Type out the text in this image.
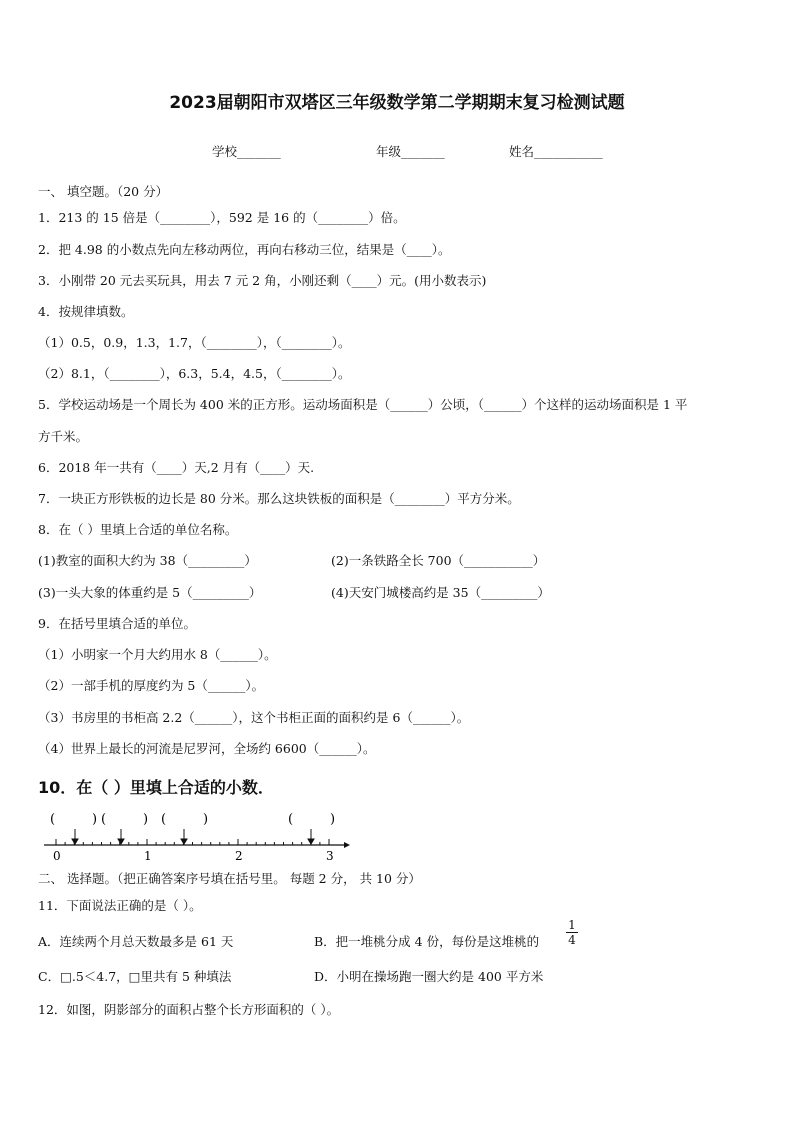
2023届朝阳市双塔区三年级数学第二学期期末复习检测试题
学校_______	年级_______	姓名___________
一、 填空题。（20 分）
1．213 的 15 倍是（________），592 是 16 的（________）倍。
2．把 4.98 的小数点先向左移动两位，再向右移动三位，结果是（____）。
3．小刚带 20 元去买玩具，用去 7 元 2 角，小刚还剩（____）元。(用小数表示)
4．按规律填数。
（1）0.5，0.9，1.3，1.7，（________），（________）。
（2）8.1，（________），6.3，5.4，4.5，（________）。
5．学校运动场是一个周长为 400 米的正方形。运动场面积是（______）公顷，（______）个这样的运动场面积是 1 平
方千米。
6．2018 年一共有（____）天,2 月有（____）天.
7．一块正方形铁板的边长是 80 分米。那么这块铁板的面积是（________）平方分米。
8．在（ ）里填上合适的单位名称。
(1)教室的面积大约为 38（_________）	(2)一条铁路全长 700（___________）
(3)一头大象的体重约是 5（_________）	(4)天安门城楼高约是 35（_________）
9．在括号里填合适的单位。
（1）小明家一个月大约用水 8（______）。
（2）一部手机的厚度约为 5（______）。
（3）书房里的书柜高 2.2（______），这个书柜正面的面积约是 6（______）。
（4）世界上最长的河流是尼罗河，全场约 6600（______）。
10．在（ ）里填上合适的小数．
(	) (	) (	)	(	)
0	1	2	3
二、 选择题。（把正确答案序号填在括号里。 每题 2 分， 共 10 分）
11．下面说法正确的是（ ）。
A．连续两个月总天数最多是 61 天	B．把一堆桃分成 4 份，每份是这堆桃的 $\frac{1}{4}$
C．□.5＜4.7，□里共有 5 种填法	D．小明在操场跑一圈大约是 400 平方米
12．如图，阴影部分的面积占整个长方形面积的（ ）。
